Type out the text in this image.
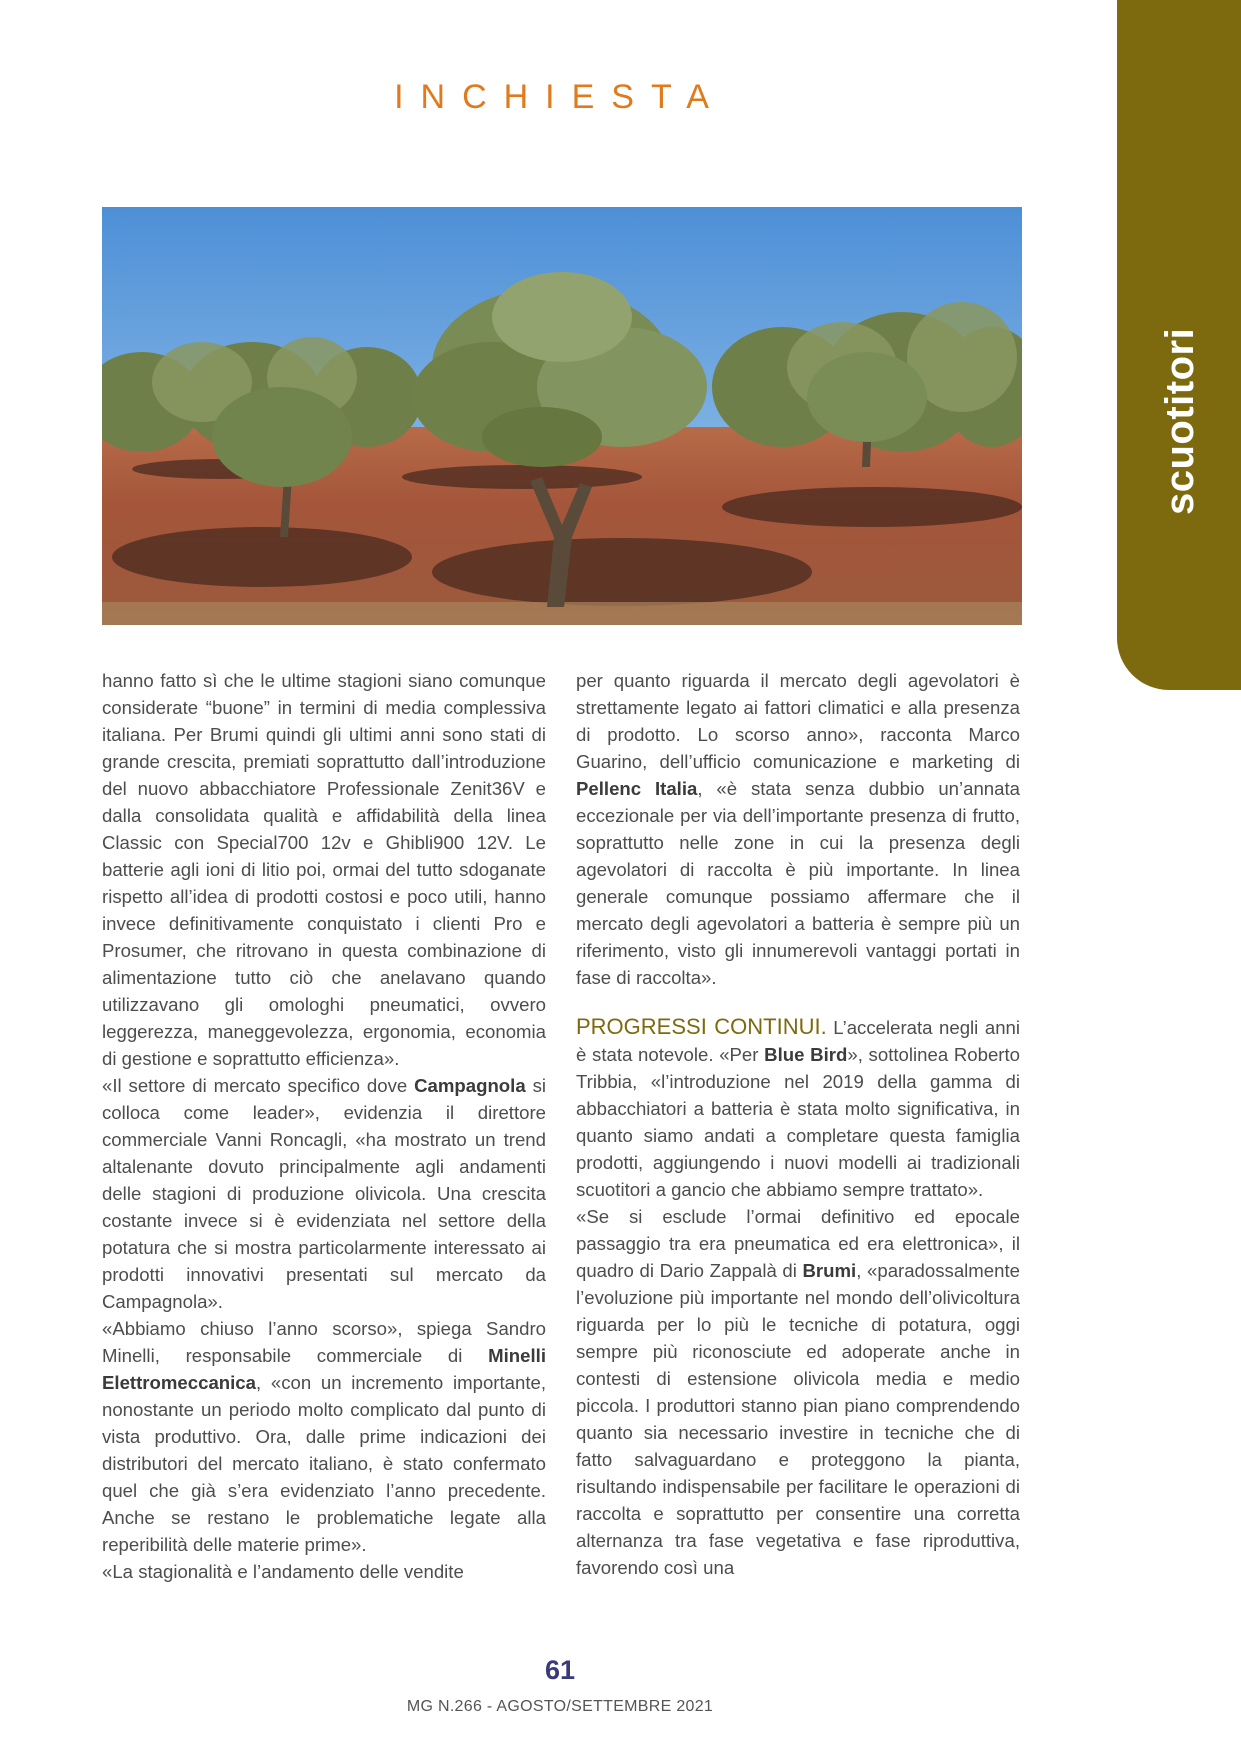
scuotitori
INCHIESTA

hanno fatto sì che le ultime stagioni siano comunque considerate “buone” in termini di media complessiva italiana. Per Brumi quindi gli ultimi anni sono stati di grande crescita, premiati soprattutto dall’introduzione del nuovo abbacchiatore Professionale Zenit36V e dalla consolidata qualità e affidabilità della linea Classic con Special700 12v e Ghibli900 12V. Le batterie agli ioni di litio poi, ormai del tutto sdoganate rispetto all’idea di prodotti costosi e poco utili, hanno invece definitivamente conquistato i clienti Pro e Prosumer, che ritrovano in questa combinazione di alimentazione tutto ciò che anelavano quando utilizzavano gli omologhi pneumatici, ovvero leggerezza, maneggevolezza, ergonomia, economia di gestione e soprattutto efficienza».

«Il settore di mercato specifico dove Campagnola si colloca come leader», evidenzia il direttore commerciale Vanni Roncagli, «ha mostrato un trend altalenante dovuto principalmente agli andamenti delle stagioni di produzione olivicola. Una crescita costante invece si è evidenziata nel settore della potatura che si mostra particolarmente interessato ai prodotti innovativi presentati sul mercato da Campagnola».

«Abbiamo chiuso l’anno scorso», spiega Sandro Minelli, responsabile commerciale di Minelli Elettromeccanica, «con un incremento importante, nonostante un periodo molto complicato dal punto di vista produttivo. Ora, dalle prime indicazioni dei distributori del mercato italiano, è stato confermato quel che già s’era evidenziato l’anno precedente. Anche se restano le problematiche legate alla reperibilità delle materie prime».

«La stagionalità e l’andamento delle vendite

per quanto riguarda il mercato degli agevolatori è strettamente legato ai fattori climatici e alla presenza di prodotto. Lo scorso anno», racconta Marco Guarino, dell’ufficio comunicazione e marketing di Pellenc Italia, «è stata senza dubbio un’annata eccezionale per via dell’importante presenza di frutto, soprattutto nelle zone in cui la presenza degli agevolatori di raccolta è più importante. In linea generale comunque possiamo affermare che il mercato degli agevolatori a batteria è sempre più un riferimento, visto gli innumerevoli vantaggi portati in fase di raccolta».

PROGRESSI CONTINUI. L’accelerata negli anni è stata notevole. «Per Blue Bird», sottolinea Roberto Tribbia, «l’introduzione nel 2019 della gamma di abbacchiatori a batteria è stata molto significativa, in quanto siamo andati a completare questa famiglia prodotti, aggiungendo i nuovi modelli ai tradizionali scuotitori a gancio che abbiamo sempre trattato».

«Se si esclude l’ormai definitivo ed epocale passaggio tra era pneumatica ed era elettronica», il quadro di Dario Zappalà di Brumi, «paradossalmente l’evoluzione più importante nel mondo dell’olivicoltura riguarda per lo più le tecniche di potatura, oggi sempre più riconosciute ed adoperate anche in contesti di estensione olivicola media e medio piccola. I produttori stanno pian piano comprendendo quanto sia necessario investire in tecniche che di fatto salvaguardano e proteggono la pianta, risultando indispensabile per facilitare le operazioni di raccolta e soprattutto per consentire una corretta alternanza tra fase vegetativa e fase riproduttiva, favorendo così una

61
MG N.266 - AGOSTO/SETTEMBRE 2021
